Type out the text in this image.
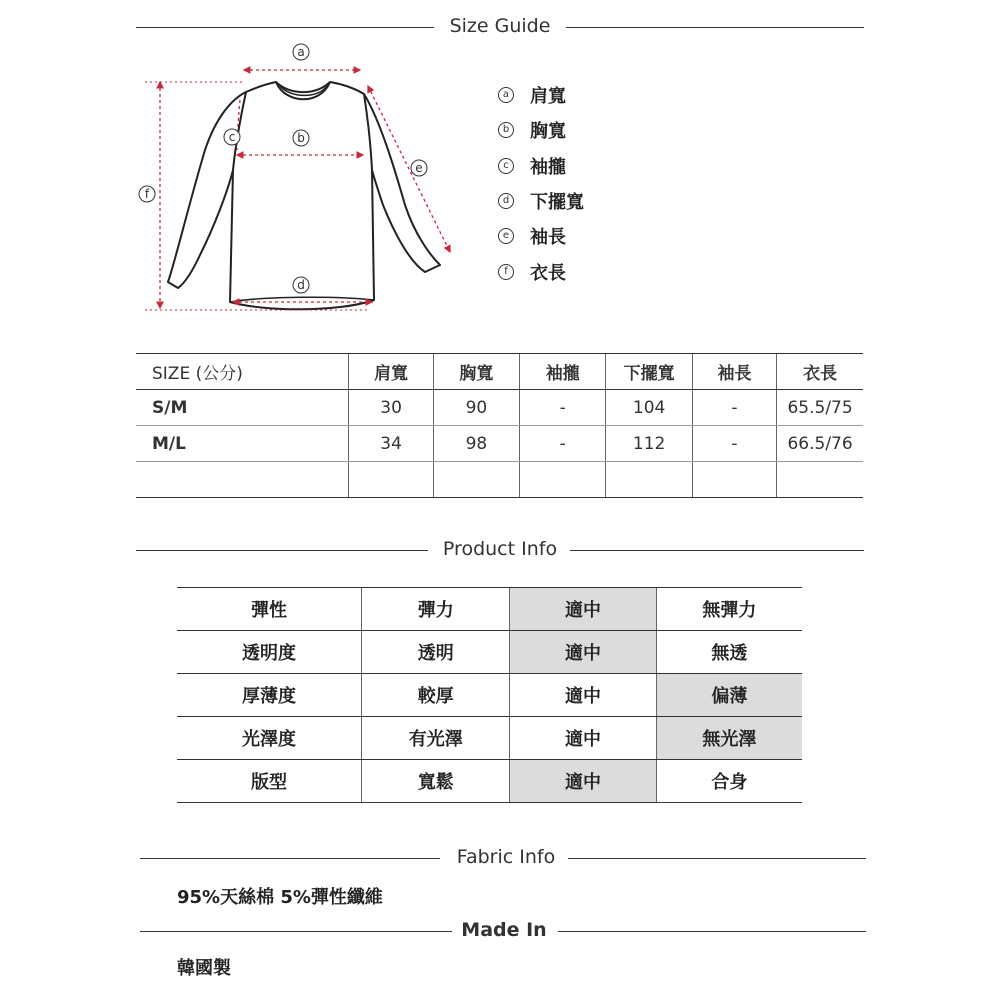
Size Guide
a
b
c
d
e
f
a 肩寬
b 胸寬
c 袖攏
d 下擺寬
e 袖長
f	衣長
SIZE (公分)	肩寬	胸寬	袖攏	下擺寬	袖長	衣長
S/M	30	90	-	104	-	65.5/75
M/L	34	98	-	112	-	66.5/76

Product Info
彈性	彈力	適中	無彈力
透明度	透明	適中	無透
厚薄度	較厚	適中	偏薄
光澤度	有光澤	適中	無光澤
版型	寬鬆	適中	合身
Fabric Info
95%天絲棉 5%彈性纖維
Made In
韓國製
